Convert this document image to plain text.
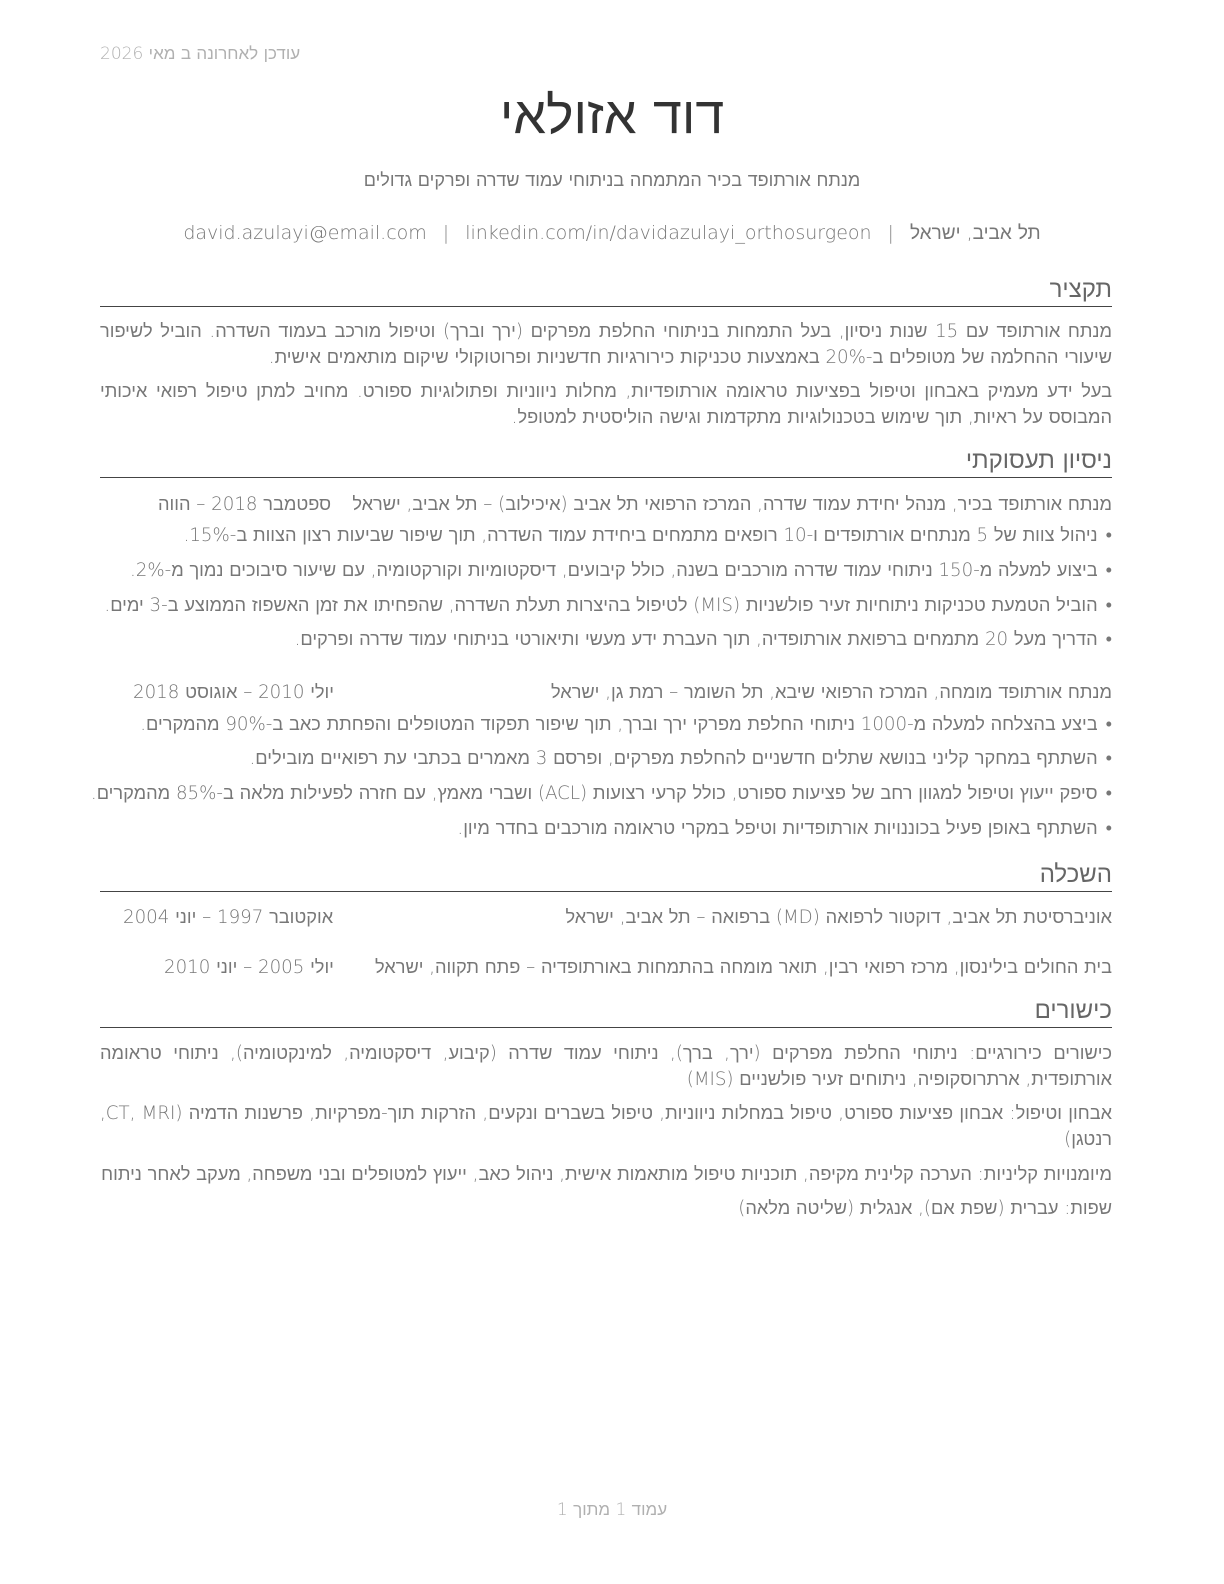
עודכן לאחרונה ב מאי 2026
דוד אזולאי
מנתח אורתופד בכיר המתמחה בניתוחי עמוד שדרה ופרקים גדולים
תל אביב, ישראל|david.azulayi@email.com | linkedin.com/in/davidazulayi_orthosurgeon
תקציר
מנתח אורתופד עם 15 שנות ניסיון, בעל התמחות בניתוחי החלפת מפרקים (ירך וברך) וטיפול מורכב בעמוד השדרה. הוביל לשיפור שיעורי ההחלמה של מטופלים ב-20% באמצעות טכניקות כירורגיות חדשניות ופרוטוקולי שיקום מותאמים אישית.
בעל ידע מעמיק באבחון וטיפול בפציעות טראומה אורתופדיות, מחלות ניווניות ופתולוגיות ספורט. מחויב למתן טיפול רפואי איכותי המבוסס על ראיות, תוך שימוש בטכנולוגיות מתקדמות וגישה הוליסטית למטופל.
ניסיון תעסוקתי
מנתח אורתופד בכיר, מנהל יחידת עמוד שדרה, המרכז הרפואי תל אביב (איכילוב) – תל אביב, ישראל
ספטמבר 2018 – הווה
•ניהול צוות של 5 מנתחים אורתופדים ו-10 רופאים מתמחים ביחידת עמוד השדרה, תוך שיפור שביעות רצון הצוות ב-15%.
•ביצוע למעלה מ-150 ניתוחי עמוד שדרה מורכבים בשנה, כולל קיבועים, דיסקטומיות וקורקטומיה, עם שיעור סיבוכים נמוך מ-2%.
•הוביל הטמעת טכניקות ניתוחיות זעיר פולשניות (MIS) לטיפול בהיצרות תעלת השדרה, שהפחיתו את זמן האשפוז הממוצע ב-3 ימים.
•הדריך מעל 20 מתמחים ברפואת אורתופדיה, תוך העברת ידע מעשי ותיאורטי בניתוחי עמוד שדרה ופרקים.
מנתח אורתופד מומחה, המרכז הרפואי שיבא, תל השומר – רמת גן, ישראל
יולי 2010 – אוגוסט 2018
•ביצע בהצלחה למעלה מ-1000 ניתוחי החלפת מפרקי ירך וברך, תוך שיפור תפקוד המטופלים והפחתת כאב ב-90% מהמקרים.
•השתתף במחקר קליני בנושא שתלים חדשניים להחלפת מפרקים, ופרסם 3 מאמרים בכתבי עת רפואיים מובילים.
•סיפק ייעוץ וטיפול למגוון רחב של פציעות ספורט, כולל קרעי רצועות (ACL) ושברי מאמץ, עם חזרה לפעילות מלאה ב-85% מהמקרים.
•השתתף באופן פעיל בכוננויות אורתופדיות וטיפל במקרי טראומה מורכבים בחדר מיון.
השכלה
אוניברסיטת תל אביב, דוקטור לרפואה (MD) ברפואה – תל אביב, ישראל
אוקטובר 1997 – יוני 2004
בית החולים בילינסון, מרכז רפואי רבין, תואר מומחה בהתמחות באורתופדיה – פתח תקווה, ישראל
יולי 2005 – יוני 2010
כישורים
כישורים כירורגיים: ניתוחי החלפת מפרקים (ירך, ברך), ניתוחי עמוד שדרה (קיבוע, דיסקטומיה, למינקטומיה), ניתוחי טראומה אורתופדית, ארתרוסקופיה, ניתוחים זעיר פולשניים (MIS)
אבחון וטיפול: אבחון פציעות ספורט, טיפול במחלות ניווניות, טיפול בשברים ונקעים, הזרקות תוך-מפרקיות, פרשנות הדמיה (CT, MRI, רנטגן)
מיומנויות קליניות: הערכה קלינית מקיפה, תוכניות טיפול מותאמות אישית, ניהול כאב, ייעוץ למטופלים ובני משפחה, מעקב לאחר ניתוח
שפות: עברית (שפת אם), אנגלית (שליטה מלאה)
עמוד 1 מתוך 1
